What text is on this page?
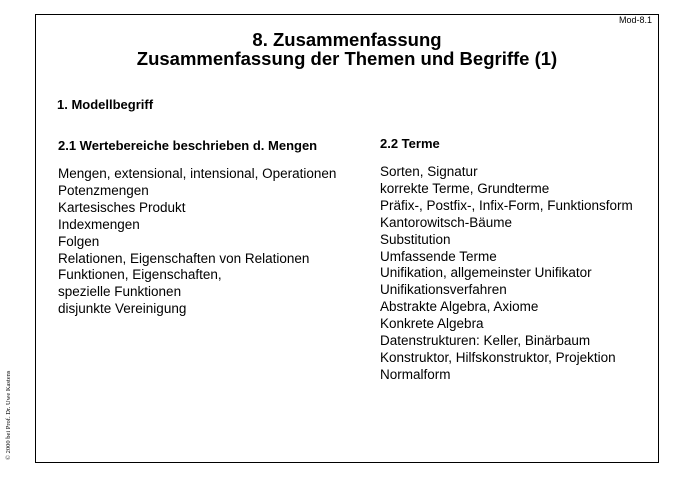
Mod-8.1
© 2000 bei Prof. Dr. Uwe Kastens
8. Zusammenfassung
Zusammenfassung der Themen und Begriffe (1)
1. Modellbegriff
2.1 Wertebereiche beschrieben d. Mengen
Mengen, extensional, intensional, Operationen
Potenzmengen
Kartesisches Produkt
Indexmengen
Folgen
Relationen, Eigenschaften von Relationen
Funktionen, Eigenschaften,
spezielle Funktionen
disjunkte Vereinigung
2.2 Terme
Sorten, Signatur
korrekte Terme, Grundterme
Präfix-, Postfix-, Infix-Form, Funktionsform
Kantorowitsch-Bäume
Substitution
Umfassende Terme
Unifikation, allgemeinster Unifikator
Unifikationsverfahren
Abstrakte Algebra, Axiome
Konkrete Algebra
Datenstrukturen: Keller, Binärbaum
Konstruktor, Hilfskonstruktor, Projektion
Normalform
